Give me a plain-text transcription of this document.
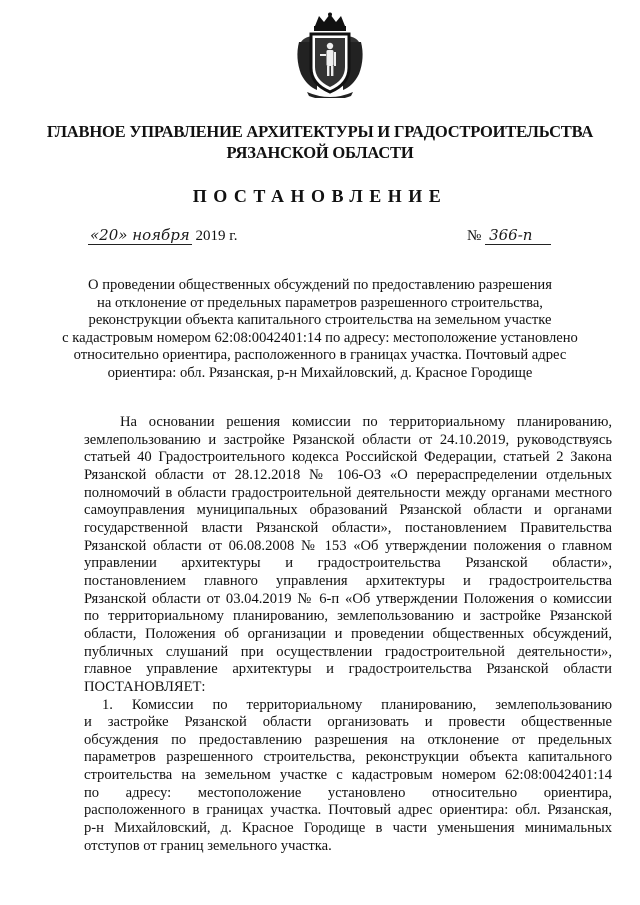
ГЛАВНОЕ УПРАВЛЕНИЕ АРХИТЕКТУРЫ И ГРАДОСТРОИТЕЛЬСТВА
РЯЗАНСКОЙ ОБЛАСТИ
ПОСТАНОВЛЕНИЕ
«20» ноября 2019 г.	№ 366-п
О проведении общественных обсуждений по предоставлению разрешения
на отклонение от предельных параметров разрешенного строительства,
реконструкции объекта капитального строительства на земельном участке
с кадастровым номером 62:08:0042401:14 по адресу: местоположение установлено
относительно ориентира, расположенного в границах участка. Почтовый адрес
ориентира: обл. Рязанская, р-н Михайловский, д. Красное Городище
На основании решения комиссии по территориальному планированию,
землепользованию и застройке Рязанской области от 24.10.2019, руководствуясь
статьей 40 Градостроительного кодекса Российской Федерации, статьей 2 Закона
Рязанской области от 28.12.2018 № 106-ОЗ «О перераспределении отдельных
полномочий в области градостроительной деятельности между органами местного
самоуправления муниципальных образований Рязанской области и органами
государственной власти Рязанской области», постановлением Правительства
Рязанской области от 06.08.2008 № 153 «Об утверждении положения о главном
управлении архитектуры и градостроительства Рязанской области»,
постановлением главного управления архитектуры и градостроительства
Рязанской области от 03.04.2019 № 6-п «Об утверждении Положения о комиссии
по территориальному планированию, землепользованию и застройке Рязанской
области, Положения об организации и проведении общественных обсуждений,
публичных слушаний при осуществлении градостроительной деятельности»,
главное управление архитектуры и градостроительства Рязанской области
ПОСТАНОВЛЯЕТ:
1. Комиссии по территориальному планированию, землепользованию
и застройке Рязанской области организовать и провести общественные
обсуждения по предоставлению разрешения на отклонение от предельных
параметров разрешенного строительства, реконструкции объекта капитального
строительства на земельном участке с кадастровым номером 62:08:0042401:14
по адресу: местоположение установлено относительно ориентира,
расположенного в границах участка. Почтовый адрес ориентира: обл. Рязанская,
р-н Михайловский, д. Красное Городище в части уменьшения минимальных
отступов от границ земельного участка.
